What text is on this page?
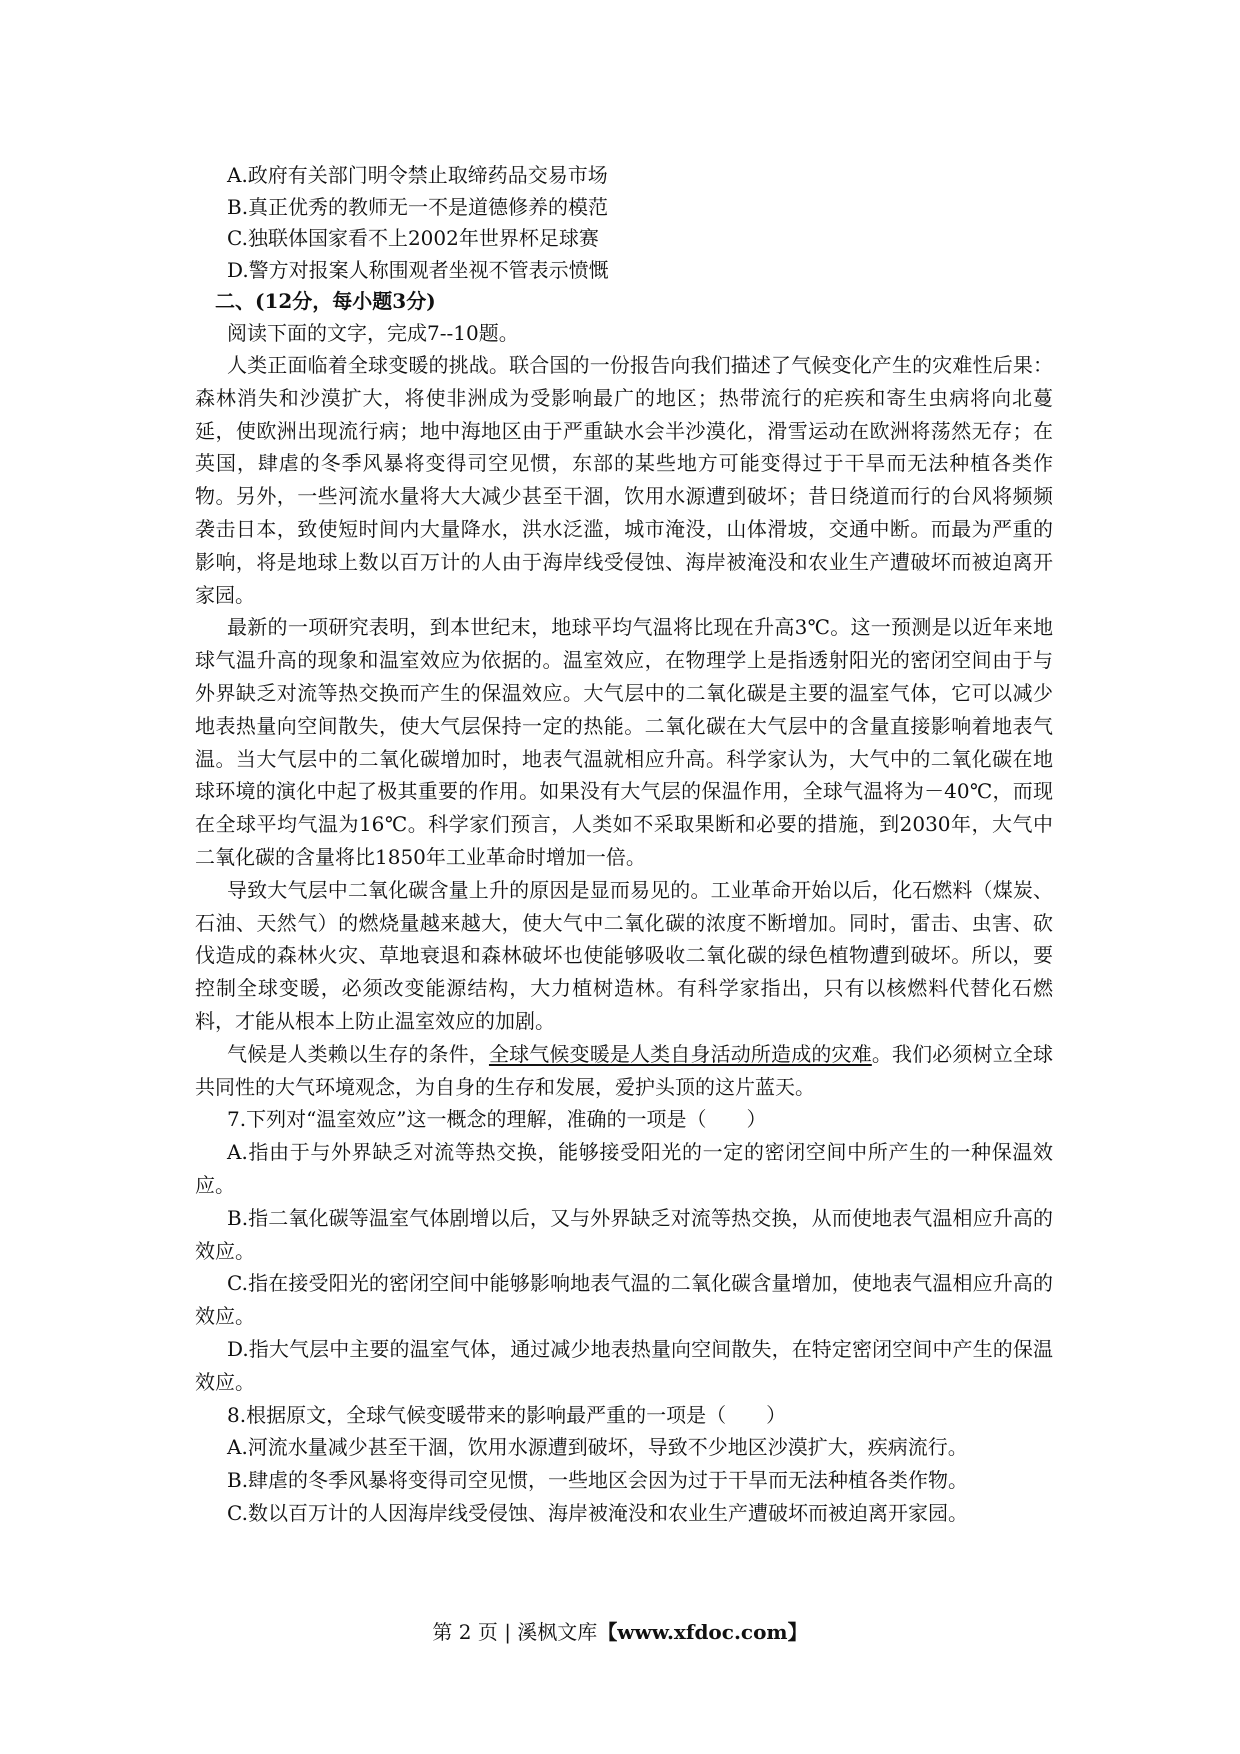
A.政府有关部门明令禁止取缔药品交易市场

B.真正优秀的教师无一不是道德修养的模范

C.独联体国家看不上2002年世界杯足球赛

D.警方对报案人称围观者坐视不管表示愤慨

二、(12分，每小题3分)

阅读下面的文字，完成7--10题。

人类正面临着全球变暖的挑战。联合国的一份报告向我们描述了气候变化产生的灾难性后果：森林消失和沙漠扩大，将使非洲成为受影响最广的地区；热带流行的疟疾和寄生虫病将向北蔓延，使欧洲出现流行病；地中海地区由于严重缺水会半沙漠化，滑雪运动在欧洲将荡然无存；在英国，肆虐的冬季风暴将变得司空见惯，东部的某些地方可能变得过于干旱而无法种植各类作物。另外，一些河流水量将大大减少甚至干涸，饮用水源遭到破坏；昔日绕道而行的台风将频频袭击日本，致使短时间内大量降水，洪水泛滥，城市淹没，山体滑坡，交通中断。而最为严重的影响，将是地球上数以百万计的人由于海岸线受侵蚀、海岸被淹没和农业生产遭破坏而被迫离开家园。

最新的一项研究表明，到本世纪末，地球平均气温将比现在升高3℃。这一预测是以近年来地球气温升高的现象和温室效应为依据的。温室效应，在物理学上是指透射阳光的密闭空间由于与外界缺乏对流等热交换而产生的保温效应。大气层中的二氧化碳是主要的温室气体，它可以减少地表热量向空间散失，使大气层保持一定的热能。二氧化碳在大气层中的含量直接影响着地表气温。当大气层中的二氧化碳增加时，地表气温就相应升高。科学家认为，大气中的二氧化碳在地球环境的演化中起了极其重要的作用。如果没有大气层的保温作用，全球气温将为－40℃，而现在全球平均气温为16℃。科学家们预言，人类如不采取果断和必要的措施，到2030年，大气中二氧化碳的含量将比1850年工业革命时增加一倍。

导致大气层中二氧化碳含量上升的原因是显而易见的。工业革命开始以后，化石燃料（煤炭、石油、天然气）的燃烧量越来越大，使大气中二氧化碳的浓度不断增加。同时，雷击、虫害、砍伐造成的森林火灾、草地衰退和森林破坏也使能够吸收二氧化碳的绿色植物遭到破坏。所以，要控制全球变暖，必须改变能源结构，大力植树造林。有科学家指出，只有以核燃料代替化石燃料，才能从根本上防止温室效应的加剧。

气候是人类赖以生存的条件，全球气候变暖是人类自身活动所造成的灾难。我们必须树立全球共同性的大气环境观念，为自身的生存和发展，爱护头顶的这片蓝天。

7.下列对“温室效应”这一概念的理解，准确的一项是（　　）

A.指由于与外界缺乏对流等热交换，能够接受阳光的一定的密闭空间中所产生的一种保温效应。

B.指二氧化碳等温室气体剧增以后，又与外界缺乏对流等热交换，从而使地表气温相应升高的效应。

C.指在接受阳光的密闭空间中能够影响地表气温的二氧化碳含量增加，使地表气温相应升高的效应。

D.指大气层中主要的温室气体，通过减少地表热量向空间散失，在特定密闭空间中产生的保温效应。

8.根据原文，全球气候变暖带来的影响最严重的一项是（　　）

A.河流水量减少甚至干涸，饮用水源遭到破坏，导致不少地区沙漠扩大，疾病流行。

B.肆虐的冬季风暴将变得司空见惯，一些地区会因为过于干旱而无法种植各类作物。

C.数以百万计的人因海岸线受侵蚀、海岸被淹没和农业生产遭破坏而被迫离开家园。

第 2 页 | 溪枫文库【www.xfdoc.com】
